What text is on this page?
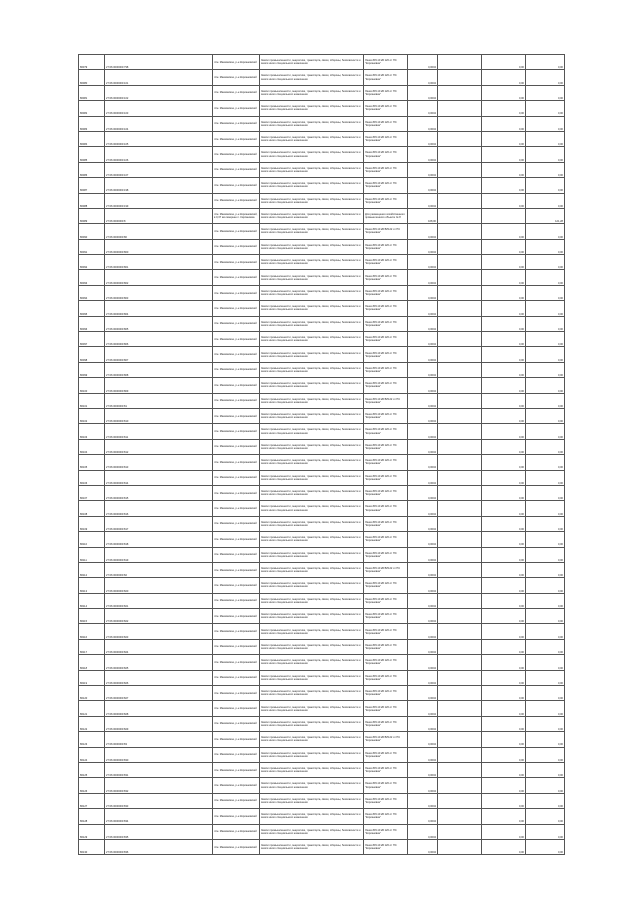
86079	27:06:0000000:798	г.Кн. Маяковское, р-н Кирсановский	Земли промышленности, энергетики, транспорта, связи, обороны, безопасности и земли иного специального назначения	Линия ВЛ-10 кВ 120 от ПС "Кирсановка"	0,0004		0,00	0,00
86080	27:06:0000000:101	г.Кн. Маяковское, р-н Кирсановский	Земли промышленности, энергетики, транспорта, связи, обороны, безопасности и земли иного специального назначения	Линия ВЛ-10 кВ 120 от ПС "Кирсановка"	0,0004		0,00	0,00
86081	27:06:0000000:102	г.Кн. Маяковское, р-н Кирсановский	Земли промышленности, энергетики, транспорта, связи, обороны, безопасности и земли иного специального назначения	Линия ВЛ-10 кВ 120 от ПС "Кирсановка"	0,0004		0,00	0,00
86082	27:06:0000000:103	г.Кн. Маяковское, р-н Кирсановский	Земли промышленности, энергетики, транспорта, связи, обороны, безопасности и земли иного специального назначения	Линия ВЛ-10 кВ 120 от ПС "Кирсановка"	0,0004		0,00	0,00
86083	27:06:0000000:104	г.Кн. Маяковское, р-н Кирсановский	Земли промышленности, энергетики, транспорта, связи, обороны, безопасности и земли иного специального назначения	Линия ВЛ-10 кВ 120 от ПС "Кирсановка"	0,0004		0,00	0,00
86084	27:06:0000000:105	г.Кн. Маяковское, р-н Кирсановский	Земли промышленности, энергетики, транспорта, связи, обороны, безопасности и земли иного специального назначения	Линия ВЛ-10 кВ 120 от ПС "Кирсановка"	0,0004		0,00	0,00
86085	27:06:0000000:106	г.Кн. Маяковское, р-н Кирсановский	Земли промышленности, энергетики, транспорта, связи, обороны, безопасности и земли иного специального назначения	Линия ВЛ-10 кВ 120 от ПС "Кирсановка"	0,0004		0,00	0,00
86086	27:06:0000000:107	г.Кн. Маяковское, р-н Кирсановский	Земли промышленности, энергетики, транспорта, связи, обороны, безопасности и земли иного специального назначения	Линия ВЛ-10 кВ 120 от ПС "Кирсановка"	0,0004		0,00	0,00
86087	27:06:0000000:198	г.Кн. Маяковское, р-н Кирсановский	Земли промышленности, энергетики, транспорта, связи, обороны, безопасности и земли иного специального назначения	Линия ВЛ-10 кВ 120 от ПС "Кирсановка"	0,0004		0,00	0,00
86088	27:06:0000000:199	г.Кн. Маяковское, р-н Кирсановский	Земли промышленности, энергетики, транспорта, связи, обороны, безопасности и земли иного специального назначения	Линия ВЛ-10 кВ 120 от ПС "Кирсановка"	0,0004		0,00	0,00
86089	27:06:0000000:8	г.Кн. Маяковское, р-н Кирсановский, в 0,37 км севернее п. Кирсановка	Земли промышленности, энергетики, транспорта, связи, обороны, безопасности и земли иного специального назначения	Для размещения хозяйственного промышленного объекта № 8	168,00			121,28
86090	27:06:0000000:80	г.Кн. Маяковское, р-н Кирсановский	Земли промышленности, энергетики, транспорта, связи, обороны, безопасности и земли иного специального назначения	Линия ВЛ-10 кВ ВЛ122 от ПС "Кирсановка"	0,0004		0,00	0,00
86091	27:06:0000000:800	г.Кн. Маяковское, р-н Кирсановский	Земли промышленности, энергетики, транспорта, связи, обороны, безопасности и земли иного специального назначения	Линия ВЛ-10 кВ 120 от ПС "Кирсановка"	0,0004		0,00	0,00
86092	27:06:0000000:801	г.Кн. Маяковское, р-н Кирсановский	Земли промышленности, энергетики, транспорта, связи, обороны, безопасности и земли иного специального назначения	Линия ВЛ-10 кВ 120 от ПС "Кирсановка"	0,0004		0,00	0,00
86093	27:06:0000000:802	г.Кн. Маяковское, р-н Кирсановский	Земли промышленности, энергетики, транспорта, связи, обороны, безопасности и земли иного специального назначения	Линия ВЛ-10 кВ 120 от ПС "Кирсановка"	0,0004		0,00	0,00
86094	27:06:0000000:803	г.Кн. Маяковское, р-н Кирсановский	Земли промышленности, энергетики, транспорта, связи, обороны, безопасности и земли иного специального назначения	Линия ВЛ-10 кВ 120 от ПС "Кирсановка"	0,0004		0,00	0,00
86095	27:06:0000000:804	г.Кн. Маяковское, р-н Кирсановский	Земли промышленности, энергетики, транспорта, связи, обороны, безопасности и земли иного специального назначения	Линия ВЛ-10 кВ 120 от ПС "Кирсановка"	0,0004		0,00	0,00
86096	27:06:0000000:805	г.Кн. Маяковское, р-н Кирсановский	Земли промышленности, энергетики, транспорта, связи, обороны, безопасности и земли иного специального назначения	Линия ВЛ-10 кВ 120 от ПС "Кирсановка"	0,0004		0,00	0,00
86097	27:06:0000000:806	г.Кн. Маяковское, р-н Кирсановский	Земли промышленности, энергетики, транспорта, связи, обороны, безопасности и земли иного специального назначения	Линия ВЛ-10 кВ 120 от ПС "Кирсановка"	0,0004		0,00	0,00
86098	27:06:0000000:807	г.Кн. Маяковское, р-н Кирсановский	Земли промышленности, энергетики, транспорта, связи, обороны, безопасности и земли иного специального назначения	Линия ВЛ-10 кВ 120 от ПС "Кирсановка"	0,0004		0,00	0,00
86099	27:06:0000000:808	г.Кн. Маяковское, р-н Кирсановский	Земли промышленности, энергетики, транспорта, связи, обороны, безопасности и земли иного специального назначения	Линия ВЛ-10 кВ 120 от ПС "Кирсановка"	0,0004		0,00	0,00
86100	27:06:0000000:809	г.Кн. Маяковское, р-н Кирсановский	Земли промышленности, энергетики, транспорта, связи, обороны, безопасности и земли иного специального назначения	Линия ВЛ-10 кВ 120 от ПС "Кирсановка"	0,0004		0,00	0,00
86101	27:06:0000000:81	г.Кн. Маяковское, р-н Кирсановский	Земли промышленности, энергетики, транспорта, связи, обороны, безопасности и земли иного специального назначения	Линия ВЛ-10 кВ ВЛ122 от ПС "Кирсановка"	0,0004		0,00	0,00
86102	27:06:0000000:810	г.Кн. Маяковское, р-н Кирсановский	Земли промышленности, энергетики, транспорта, связи, обороны, безопасности и земли иного специального назначения	Линия ВЛ-10 кВ 120 от ПС "Кирсановка"	0,0004		0,00	0,00
86103	27:06:0000000:811	г.Кн. Маяковское, р-н Кирсановский	Земли промышленности, энергетики, транспорта, связи, обороны, безопасности и земли иного специального назначения	Линия ВЛ-10 кВ 120 от ПС "Кирсановка"	0,0004		0,00	0,00
86104	27:06:0000000:812	г.Кн. Маяковское, р-н Кирсановский	Земли промышленности, энергетики, транспорта, связи, обороны, безопасности и земли иного специального назначения	Линия ВЛ-10 кВ 120 от ПС "Кирсановка"	0,0004		0,00	0,00
86105	27:06:0000000:813	г.Кн. Маяковское, р-н Кирсановский	Земли промышленности, энергетики, транспорта, связи, обороны, безопасности и земли иного специального назначения	Линия ВЛ-10 кВ 120 от ПС "Кирсановка"	0,0004		0,00	0,00
86106	27:06:0000000:814	г.Кн. Маяковское, р-н Кирсановский	Земли промышленности, энергетики, транспорта, связи, обороны, безопасности и земли иного специального назначения	Линия ВЛ-10 кВ 120 от ПС "Кирсановка"	0,0004		0,00	0,00
86107	27:06:0000000:815	г.Кн. Маяковское, р-н Кирсановский	Земли промышленности, энергетики, транспорта, связи, обороны, безопасности и земли иного специального назначения	Линия ВЛ-10 кВ 120 от ПС "Кирсановка"	0,0004		0,00	0,00
86108	27:06:0000000:816	г.Кн. Маяковское, р-н Кирсановский	Земли промышленности, энергетики, транспорта, связи, обороны, безопасности и земли иного специального назначения	Линия ВЛ-10 кВ 120 от ПС "Кирсановка"	0,0004		0,00	0,00
86109	27:06:0000000:817	г.Кн. Маяковское, р-н Кирсановский	Земли промышленности, энергетики, транспорта, связи, обороны, безопасности и земли иного специального назначения	Линия ВЛ-10 кВ 120 от ПС "Кирсановка"	0,0004		0,00	0,00
86110	27:06:0000000:818	г.Кн. Маяковское, р-н Кирсановский	Земли промышленности, энергетики, транспорта, связи, обороны, безопасности и земли иного специального назначения	Линия ВЛ-10 кВ 120 от ПС "Кирсановка"	0,0004		0,00	0,00
86111	27:06:0000000:819	г.Кн. Маяковское, р-н Кирсановский	Земли промышленности, энергетики, транспорта, связи, обороны, безопасности и земли иного специального назначения	Линия ВЛ-10 кВ 120 от ПС "Кирсановка"	0,0004		0,00	0,00
86112	27:06:0000000:82	г.Кн. Маяковское, р-н Кирсановский	Земли промышленности, энергетики, транспорта, связи, обороны, безопасности и земли иного специального назначения	Линия ВЛ-10 кВ ВЛ122 от ПС "Кирсановка"	0,0004		0,00	0,00
86113	27:06:0000000:820	г.Кн. Маяковское, р-н Кирсановский	Земли промышленности, энергетики, транспорта, связи, обороны, безопасности и земли иного специального назначения	Линия ВЛ-10 кВ 120 от ПС "Кирсановка"	0,0004		0,00	0,00
86114	27:06:0000000:821	г.Кн. Маяковское, р-н Кирсановский	Земли промышленности, энергетики, транспорта, связи, обороны, безопасности и земли иного специального назначения	Линия ВЛ-10 кВ 120 от ПС "Кирсановка"	0,0004		0,00	0,00
86115	27:06:0000000:822	г.Кн. Маяковское, р-н Кирсановский	Земли промышленности, энергетики, транспорта, связи, обороны, безопасности и земли иного специального назначения	Линия ВЛ-10 кВ 120 от ПС "Кирсановка"	0,0004		0,00	0,00
86116	27:06:0000000:823	г.Кн. Маяковское, р-н Кирсановский	Земли промышленности, энергетики, транспорта, связи, обороны, безопасности и земли иного специального назначения	Линия ВЛ-10 кВ 120 от ПС "Кирсановка"	0,0004		0,00	0,00
86117	27:06:0000000:824	г.Кн. Маяковское, р-н Кирсановский	Земли промышленности, энергетики, транспорта, связи, обороны, безопасности и земли иного специального назначения	Линия ВЛ-10 кВ 120 от ПС "Кирсановка"	0,0004		0,00	0,00
86118	27:06:0000000:825	г.Кн. Маяковское, р-н Кирсановский	Земли промышленности, энергетики, транспорта, связи, обороны, безопасности и земли иного специального назначения	Линия ВЛ-10 кВ 120 от ПС "Кирсановка"	0,0004		0,00	0,00
86119	27:06:0000000:826	г.Кн. Маяковское, р-н Кирсановский	Земли промышленности, энергетики, транспорта, связи, обороны, безопасности и земли иного специального назначения	Линия ВЛ-10 кВ 120 от ПС "Кирсановка"	0,0004		0,00	0,00
86120	27:06:0000000:827	г.Кн. Маяковское, р-н Кирсановский	Земли промышленности, энергетики, транспорта, связи, обороны, безопасности и земли иного специального назначения	Линия ВЛ-10 кВ 120 от ПС "Кирсановка"	0,0004		0,00	0,00
86121	27:06:0000000:828	г.Кн. Маяковское, р-н Кирсановский	Земли промышленности, энергетики, транспорта, связи, обороны, безопасности и земли иного специального назначения	Линия ВЛ-10 кВ 120 от ПС "Кирсановка"	0,0004		0,00	0,00
86122	27:06:0000000:829	г.Кн. Маяковское, р-н Кирсановский	Земли промышленности, энергетики, транспорта, связи, обороны, безопасности и земли иного специального назначения	Линия ВЛ-10 кВ 120 от ПС "Кирсановка"	0,0004		0,00	0,00
86123	27:06:0000000:83	г.Кн. Маяковское, р-н Кирсановский	Земли промышленности, энергетики, транспорта, связи, обороны, безопасности и земли иного специального назначения	Линия ВЛ-10 кВ ВЛ122 от ПС "Кирсановка"	0,0004		0,00	0,00
86124	27:06:0000000:830	г.Кн. Маяковское, р-н Кирсановский	Земли промышленности, энергетики, транспорта, связи, обороны, безопасности и земли иного специального назначения	Линия ВЛ-10 кВ 120 от ПС "Кирсановка"	0,0004		0,00	0,00
86125	27:06:0000000:831	г.Кн. Маяковское, р-н Кирсановский	Земли промышленности, энергетики, транспорта, связи, обороны, безопасности и земли иного специального назначения	Линия ВЛ-10 кВ 120 от ПС "Кирсановка"	0,0004		0,00	0,00
86126	27:06:0000000:832	г.Кн. Маяковское, р-н Кирсановский	Земли промышленности, энергетики, транспорта, связи, обороны, безопасности и земли иного специального назначения	Линия ВЛ-10 кВ 120 от ПС "Кирсановка"	0,0004		0,00	0,00
86127	27:06:0000000:833	г.Кн. Маяковское, р-н Кирсановский	Земли промышленности, энергетики, транспорта, связи, обороны, безопасности и земли иного специального назначения	Линия ВЛ-10 кВ 120 от ПС "Кирсановка"	0,0004		0,00	0,00
86128	27:06:0000000:834	г.Кн. Маяковское, р-н Кирсановский	Земли промышленности, энергетики, транспорта, связи, обороны, безопасности и земли иного специального назначения	Линия ВЛ-10 кВ 120 от ПС "Кирсановка"	0,0004		0,00	0,00
86129	27:06:0000000:835	г.Кн. Маяковское, р-н Кирсановский	Земли промышленности, энергетики, транспорта, связи, обороны, безопасности и земли иного специального назначения	Линия ВЛ-10 кВ 120 от ПС "Кирсановка"	0,0004		0,00	0,00
86130	27:06:0000000:836	г.Кн. Маяковское, р-н Кирсановский	Земли промышленности, энергетики, транспорта, связи, обороны, безопасности и земли иного специального назначения	Линия ВЛ-10 кВ 120 от ПС "Кирсановка"	0,0004		0,00	0,00
